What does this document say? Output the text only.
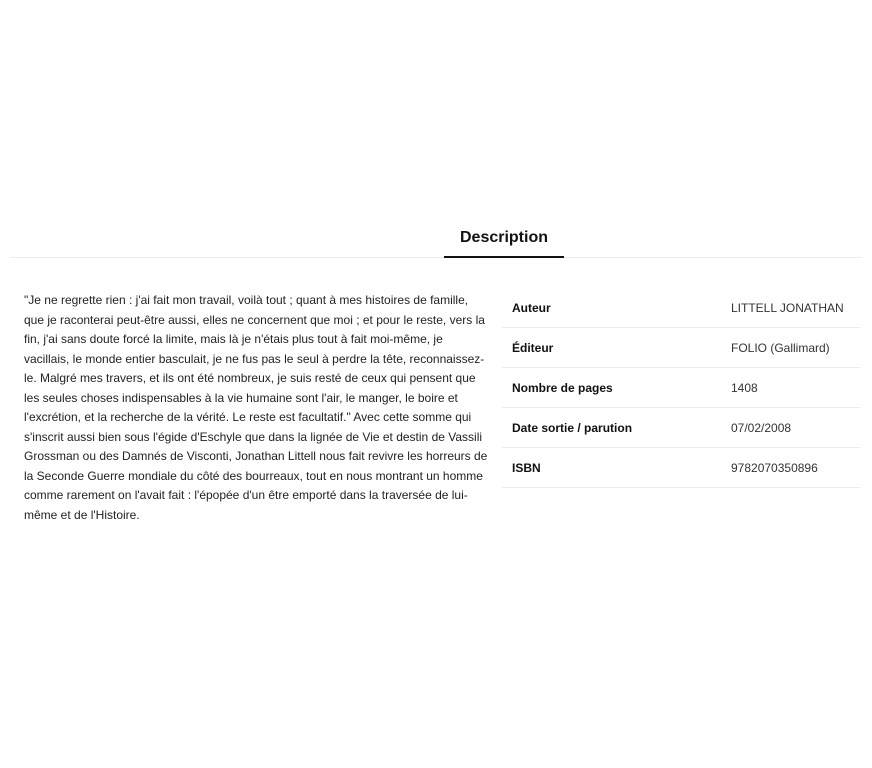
Description

"Je ne regrette rien : j'ai fait mon travail, voilà tout ; quant à mes histoires de famille, que je raconterai peut-être aussi, elles ne concernent que moi ; et pour le reste, vers la fin, j'ai sans doute forcé la limite, mais là je n'étais plus tout à fait moi-même, je vacillais, le monde entier basculait, je ne fus pas le seul à perdre la tête, reconnaissez-le. Malgré mes travers, et ils ont été nombreux, je suis resté de ceux qui pensent que les seules choses indispensables à la vie humaine sont l'air, le manger, le boire et l'excrétion, et la recherche de la vérité. Le reste est facultatif." Avec cette somme qui s'inscrit aussi bien sous l'égide d'Eschyle que dans la lignée de Vie et destin de Vassili Grossman ou des Damnés de Visconti, Jonathan Littell nous fait revivre les horreurs de la Seconde Guerre mondiale du côté des bourreaux, tout en nous montrant un homme comme rarement on l'avait fait : l'épopée d'un être emporté dans la traversée de lui-même et de l'Histoire.

Auteur	LITTELL JONATHAN
Éditeur	FOLIO (Gallimard)
Nombre de pages	1408
Date sortie / parution	07/02/2008
ISBN	9782070350896
